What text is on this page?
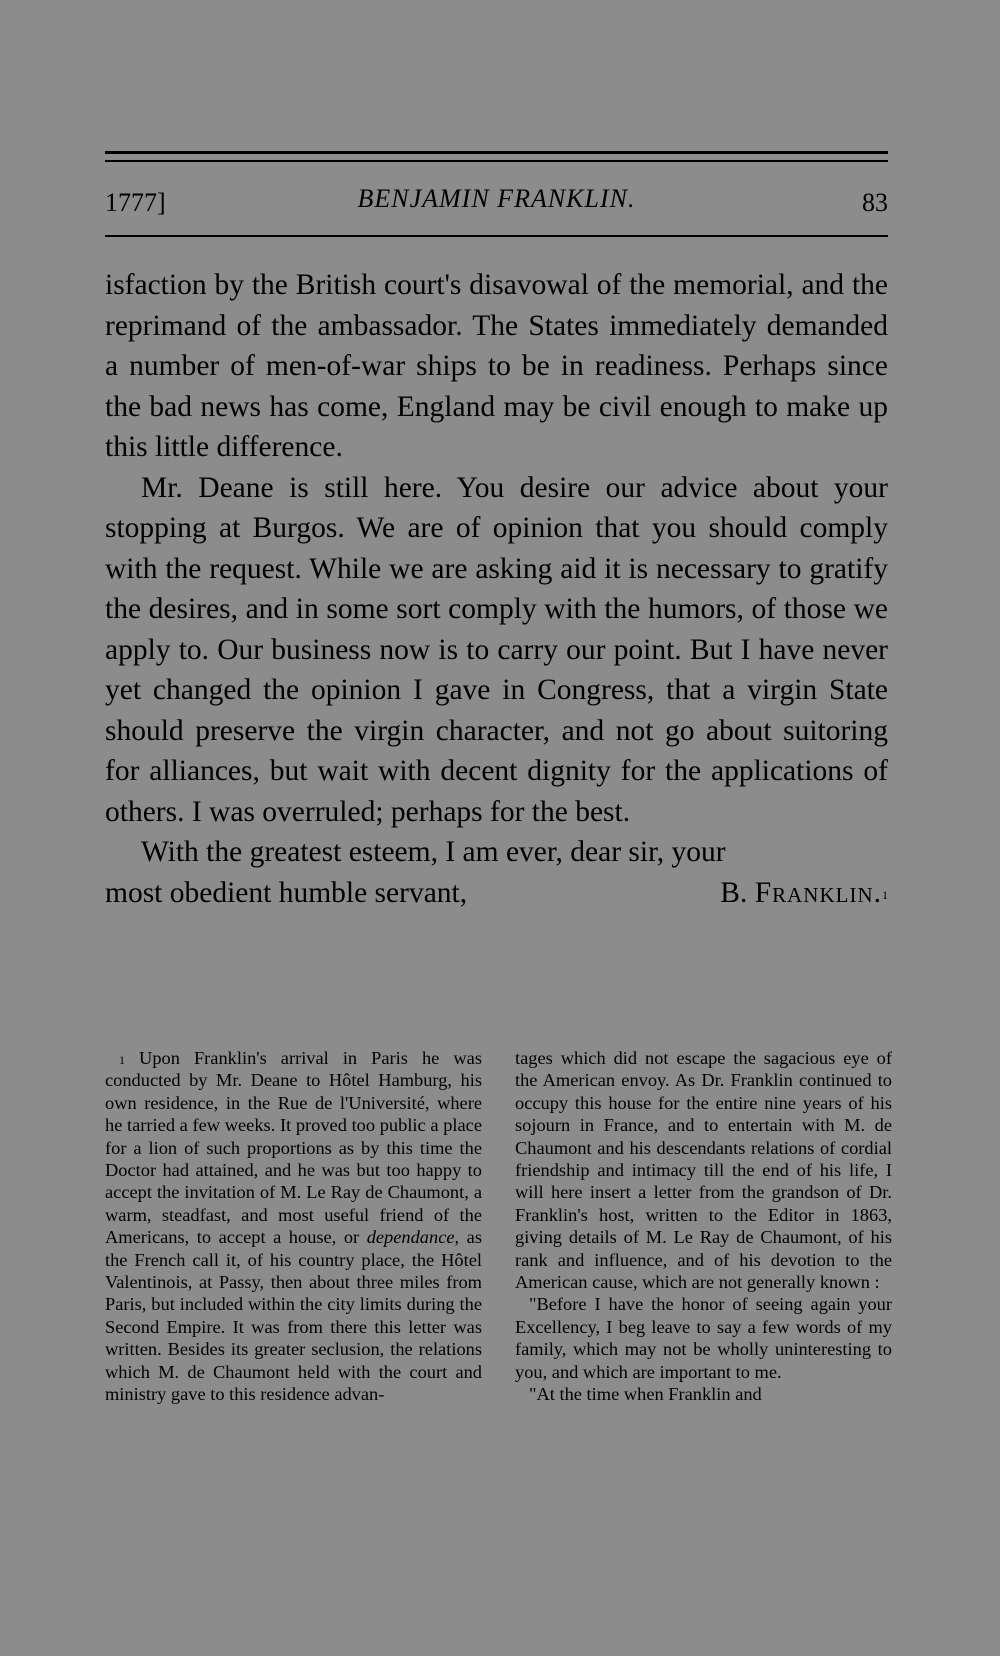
1777]	BENJAMIN FRANKLIN.	83

isfaction by the British court's disavowal of the memorial, and the reprimand of the ambassador. The States immediately demanded a number of men-of-war ships to be in readiness. Perhaps since the bad news has come, England may be civil enough to make up this little difference.

Mr. Deane is still here. You desire our advice about your stopping at Burgos. We are of opinion that you should comply with the request. While we are asking aid it is necessary to gratify the desires, and in some sort comply with the humors, of those we apply to. Our business now is to carry our point. But I have never yet changed the opinion I gave in Congress, that a virgin State should preserve the virgin character, and not go about suitoring for alliances, but wait with decent dignity for the applications of others. I was overruled; perhaps for the best.

With the greatest esteem, I am ever, dear sir, your

most obedient humble servant,	B. Franklin.$^1$

$^1$ Upon Franklin's arrival in Paris he was conducted by Mr. Deane to Hôtel Hamburg, his own residence, in the Rue de l'Université, where he tarried a few weeks. It proved too public a place for a lion of such proportions as by this time the Doctor had attained, and he was but too happy to accept the invitation of M. Le Ray de Chaumont, a warm, steadfast, and most useful friend of the Americans, to accept a house, or dependance, as the French call it, of his country place, the Hôtel Valentinois, at Passy, then about three miles from Paris, but included within the city limits during the Second Empire. It was from there this letter was written. Besides its greater seclusion, the relations which M. de Chaumont held with the court and ministry gave to this residence advan-

tages which did not escape the sagacious eye of the American envoy. As Dr. Franklin continued to occupy this house for the entire nine years of his sojourn in France, and to entertain with M. de Chaumont and his descendants relations of cordial friendship and intimacy till the end of his life, I will here insert a letter from the grandson of Dr. Franklin's host, written to the Editor in 1863, giving details of M. Le Ray de Chaumont, of his rank and influence, and of his devotion to the American cause, which are not generally known :

"Before I have the honor of seeing again your Excellency, I beg leave to say a few words of my family, which may not be wholly uninteresting to you, and which are important to me.

"At the time when Franklin and
